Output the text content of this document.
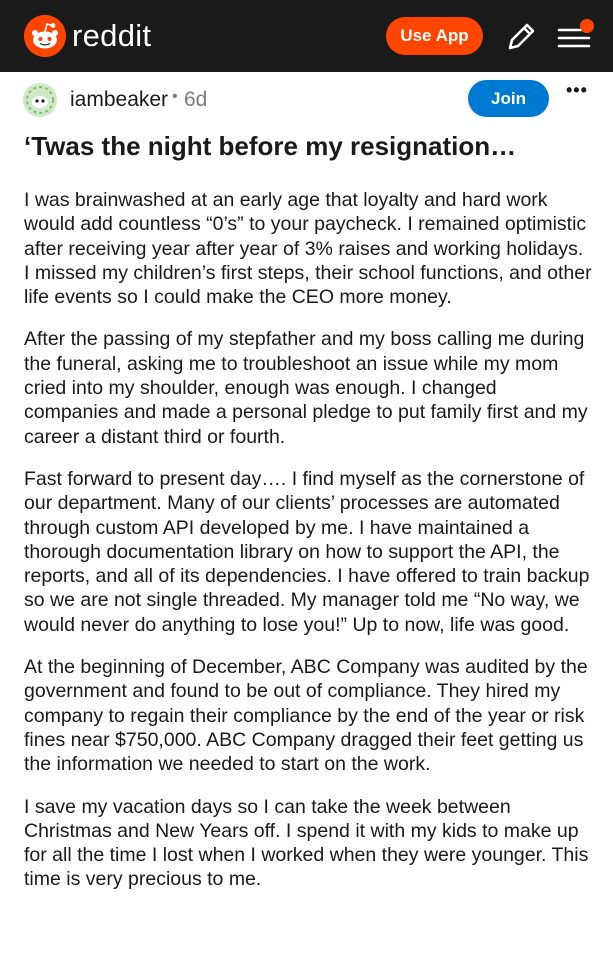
reddit	Use App
iambeaker • 6d	Join	•••
‘Twas the night before my resignation…

I was brainwashed at an early age that loyalty and hard work would add countless “0’s” to your paycheck. I remained optimistic after receiving year after year of 3% raises and working holidays. I missed my children’s first steps, their school functions, and other life events so I could make the CEO more money.

After the passing of my stepfather and my boss calling me during the funeral, asking me to troubleshoot an issue while my mom cried into my shoulder, enough was enough. I changed companies and made a personal pledge to put family first and my career a distant third or fourth.

Fast forward to present day…. I find myself as the cornerstone of our department. Many of our clients’ processes are automated through custom API developed by me. I have maintained a thorough documentation library on how to support the API, the reports, and all of its dependencies. I have offered to train backup so we are not single threaded. My manager told me “No way, we would never do anything to lose you!” Up to now, life was good.

At the beginning of December, ABC Company was audited by the government and found to be out of compliance. They hired my company to regain their compliance by the end of the year or risk fines near $750,000. ABC Company dragged their feet getting us the information we needed to start on the work.

I save my vacation days so I can take the week between Christmas and New Years off. I spend it with my kids to make up for all the time I lost when I worked when they were younger. This time is very precious to me.
